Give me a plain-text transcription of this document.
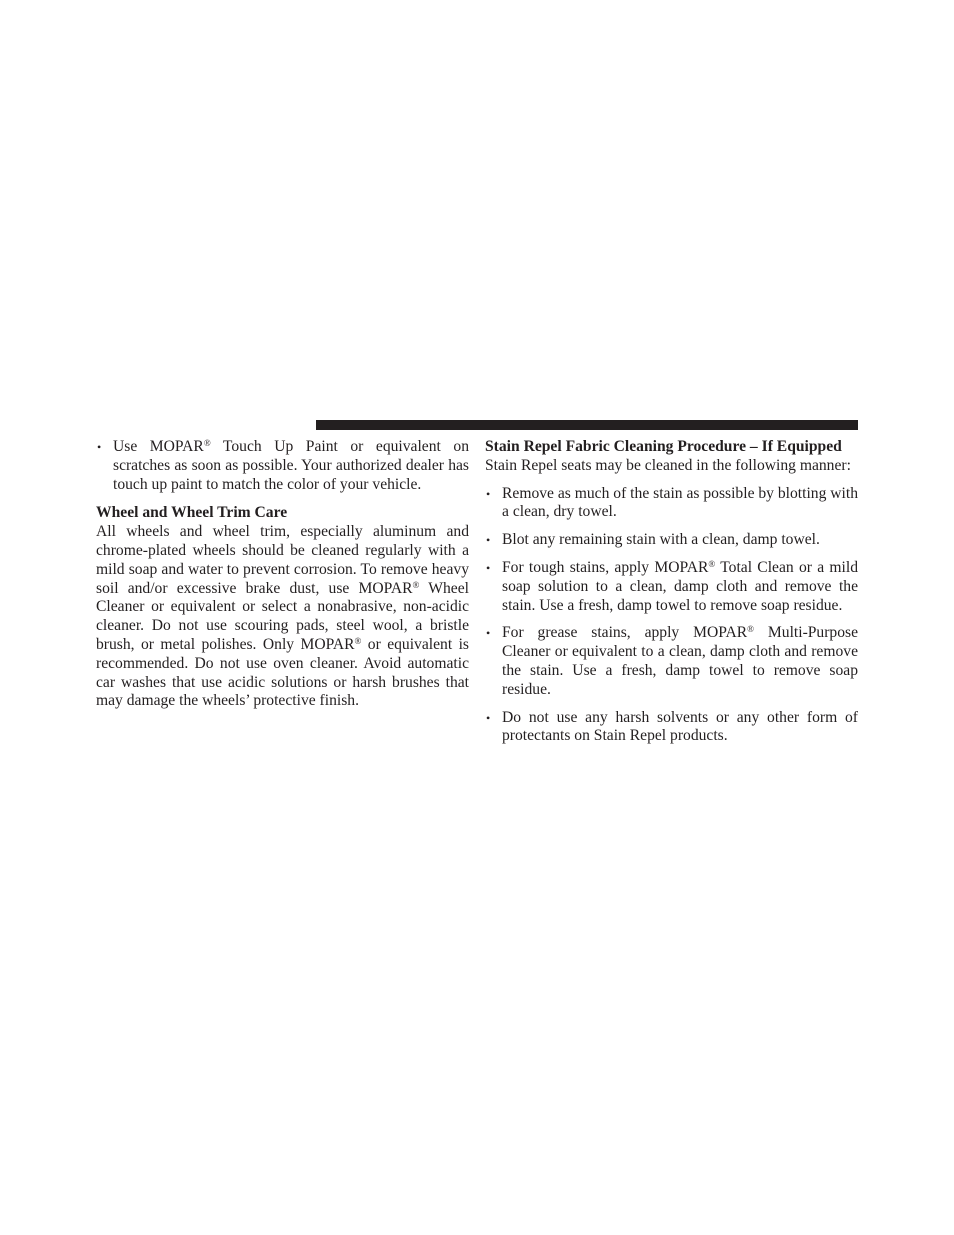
• Use MOPAR® Touch Up Paint or equivalent on scratches as soon as possible. Your authorized dealer has touch up paint to match the color of your vehicle.

Wheel and Wheel Trim Care

All wheels and wheel trim, especially aluminum and chrome-plated wheels should be cleaned regularly with a mild soap and water to prevent corrosion. To remove heavy soil and/or excessive brake dust, use MOPAR® Wheel Cleaner or equivalent or select a nonabrasive, non-acidic cleaner. Do not use scouring pads, steel wool, a bristle brush, or metal polishes. Only MOPAR® or equivalent is recommended. Do not use oven cleaner. Avoid automatic car washes that use acidic solutions or harsh brushes that may damage the wheels’ protective finish.

Stain Repel Fabric Cleaning Procedure – If Equipped

Stain Repel seats may be cleaned in the following manner:

• Remove as much of the stain as possible by blotting with a clean, dry towel.

• Blot any remaining stain with a clean, damp towel.

• For tough stains, apply MOPAR® Total Clean or a mild soap solution to a clean, damp cloth and remove the stain. Use a fresh, damp towel to remove soap residue.

• For grease stains, apply MOPAR® Multi-Purpose Cleaner or equivalent to a clean, damp cloth and remove the stain. Use a fresh, damp towel to remove soap residue.

• Do not use any harsh solvents or any other form of protectants on Stain Repel products.
